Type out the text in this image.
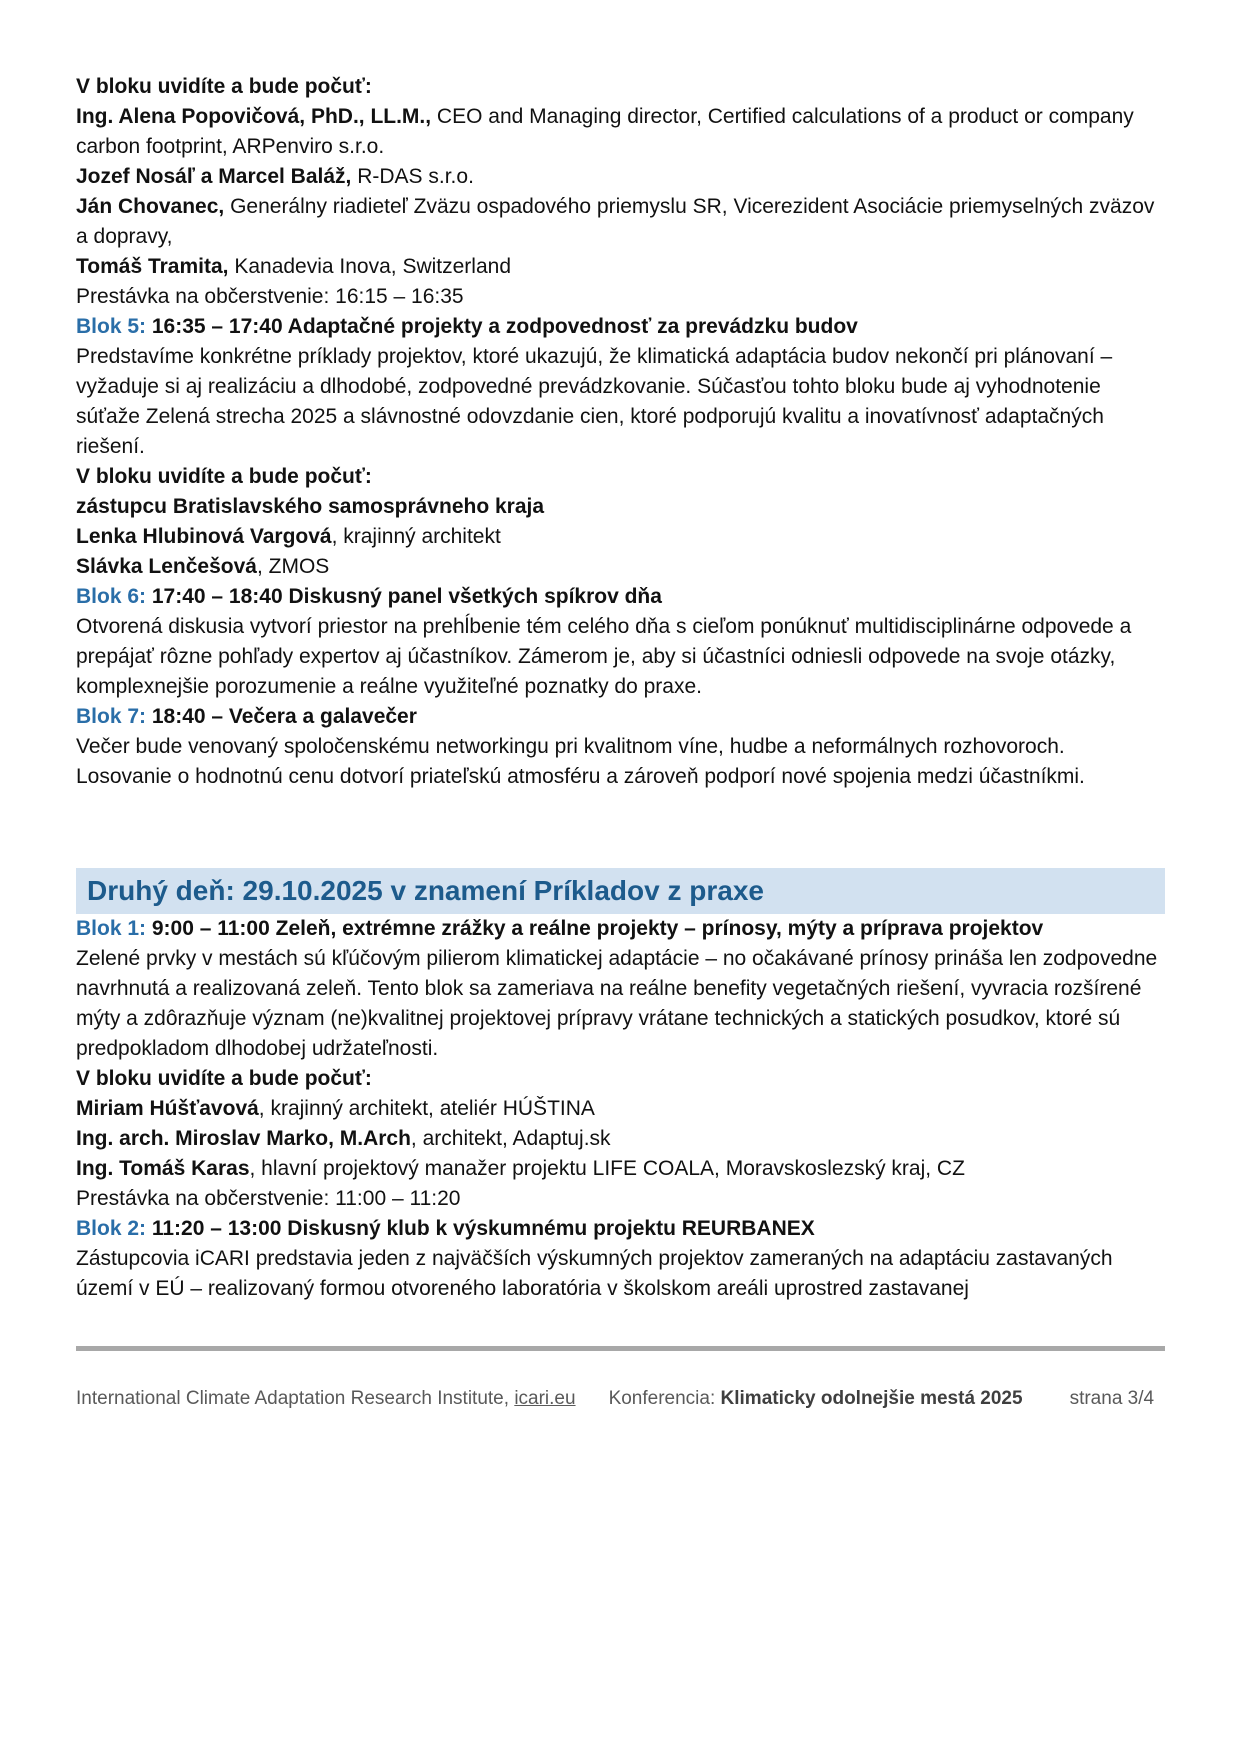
V bloku uvidíte a bude počuť:

Ing. Alena Popovičová, PhD., LL.M., CEO and Managing director, Certified calculations of a product or company carbon footprint, ARPenviro s.r.o.

Jozef Nosáľ a Marcel Baláž, R-DAS s.r.o.

Ján Chovanec, Generálny riadieteľ Zväzu ospadového priemyslu SR, Vicerezident Asociácie priemyselných zväzov a dopravy,

Tomáš Tramita, Kanadevia Inova, Switzerland

Prestávka na občerstvenie: 16:15 – 16:35

Blok 5: 16:35 – 17:40 Adaptačné projekty a zodpovednosť za prevádzku budov

Predstavíme konkrétne príklady projektov, ktoré ukazujú, že klimatická adaptácia budov nekončí pri plánovaní – vyžaduje si aj realizáciu a dlhodobé, zodpovedné prevádzkovanie. Súčasťou tohto bloku bude aj vyhodnotenie súťaže Zelená strecha 2025 a slávnostné odovzdanie cien, ktoré podporujú kvalitu a inovatívnosť adaptačných riešení.

V bloku uvidíte a bude počuť:

zástupcu Bratislavského samosprávneho kraja

Lenka Hlubinová Vargová, krajinný architekt

Slávka Lenčešová, ZMOS

Blok 6: 17:40 – 18:40 Diskusný panel všetkých spíkrov dňa

Otvorená diskusia vytvorí priestor na prehĺbenie tém celého dňa s cieľom ponúknuť multidisciplinárne odpovede a prepájať rôzne pohľady expertov aj účastníkov. Zámerom je, aby si účastníci odniesli odpovede na svoje otázky, komplexnejšie porozumenie a reálne využiteľné poznatky do praxe.

Blok 7: 18:40 – Večera a galavečer

Večer bude venovaný spoločenskému networkingu pri kvalitnom víne, hudbe a neformálnych rozhovoroch. Losovanie o hodnotnú cenu dotvorí priateľskú atmosféru a zároveň podporí nové spojenia medzi účastníkmi.

Druhý deň: 29.10.2025 v znamení Príkladov z praxe

Blok 1: 9:00 – 11:00 Zeleň, extrémne zrážky a reálne projekty – prínosy, mýty a príprava projektov

Zelené prvky v mestách sú kľúčovým pilierom klimatickej adaptácie – no očakávané prínosy prináša len zodpovedne navrhnutá a realizovaná zeleň. Tento blok sa zameriava na reálne benefity vegetačných riešení, vyvracia rozšírené mýty a zdôrazňuje význam (ne)kvalitnej projektovej prípravy vrátane technických a statických posudkov, ktoré sú predpokladom dlhodobej udržateľnosti.

V bloku uvidíte a bude počuť:

Miriam Húšťavová, krajinný architekt, ateliér HÚŠTINA

Ing. arch. Miroslav Marko, M.Arch, architekt, Adaptuj.sk

Ing. Tomáš Karas, hlavní projektový manažer projektu LIFE COALA, Moravskoslezský kraj, CZ

Prestávka na občerstvenie: 11:00 – 11:20

Blok 2: 11:20 – 13:00 Diskusný klub k výskumnému projektu REURBANEX

Zástupcovia iCARI predstavia jeden z najväčších výskumných projektov zameraných na adaptáciu zastavaných území v EÚ – realizovaný formou otvoreného laboratória v školskom areáli uprostred zastavanej

International Climate Adaptation Research Institute, icari.eu Konferencia: Klimaticky odolnejšie mestá 2025 strana 3/4
